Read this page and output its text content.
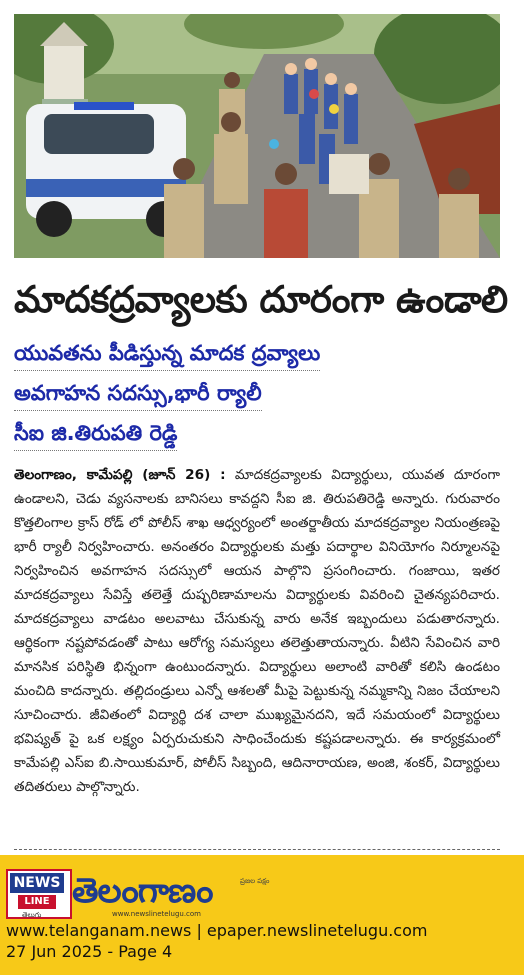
మాదకద్రవ్యాలకు దూరంగా ఉండాలి
యువతను పీడిస్తున్న మాదక ద్రవ్యాలు
అవగాహన సదస్సు,భారీ ర్యాలీ
సీఐ జి.తిరుపతి రెడ్డి
తెలంగాణం, కామేపల్లి (జూన్ 26) : మాదకద్రవ్యాలకు విద్యార్థులు, యువత దూరంగా ఉండాలని, చెడు వ్యసనాలకు బానిసలు కావద్దని సీఐ జి. తిరుపతిరెడ్డి అన్నారు. గురువారం కొత్తలింగాల క్రాస్ రోడ్ లో పోలీస్ శాఖ ఆధ్వర్యంలో అంతర్జాతీయ మాదకద్రవ్యాల నియంత్రణపై భారీ ర్యాలీ నిర్వహించారు. అనంతరం విద్యార్థులకు మత్తు పదార్థాల వినియోగం నిర్మూలనపై నిర్వహించిన అవగాహన సదస్సులో ఆయన పాల్గొని ప్రసంగించారు. గంజాయి, ఇతర మాదకద్రవ్యాలు సేవిస్తే తలెత్తే దుష్పరిణామాలను విద్యార్థులకు వివరించి చైతన్యపరిచారు. మాదకద్రవ్యాలు వాడటం అలవాటు చేసుకున్న వారు అనేక ఇబ్బందులు పడుతారన్నారు. ఆర్థికంగా నష్టపోవడంతో పాటు ఆరోగ్య సమస్యలు తలెత్తుతాయన్నారు. వీటిని సేవించిన వారి మానసిక పరిస్థితి భిన్నంగా ఉంటుందన్నారు. విద్యార్థులు అలాంటి వారితో కలిసి ఉండటం మంచిది కాదన్నారు. తల్లిదండ్రులు ఎన్నో ఆశలతో మీపై పెట్టుకున్న నమ్మకాన్ని నిజం చేయాలని సూచించారు. జీవితంలో విద్యార్థి దశ చాలా ముఖ్యమైనదని, ఇదే సమయంలో విద్యార్థులు భవిష్యత్ పై ఒక లక్ష్యం ఏర్పరుచుకుని సాధించేందుకు కష్టపడాలన్నారు. ఈ కార్యక్రమంలో కామేపల్లి ఎస్ఐ బి.సాయికుమార్, పోలీస్ సిబ్బంది, ఆదినారాయణ, అంజి, శంకర్, విద్యార్థులు తదితరులు పాల్గొన్నారు.
NEWS
LINE
తెలుగు
తెలంగాణం	ప్రజల పక్షం
www.newslinetelugu.com
www.telanganam.news | epaper.newslinetelugu.com
27 Jun 2025 - Page 4
